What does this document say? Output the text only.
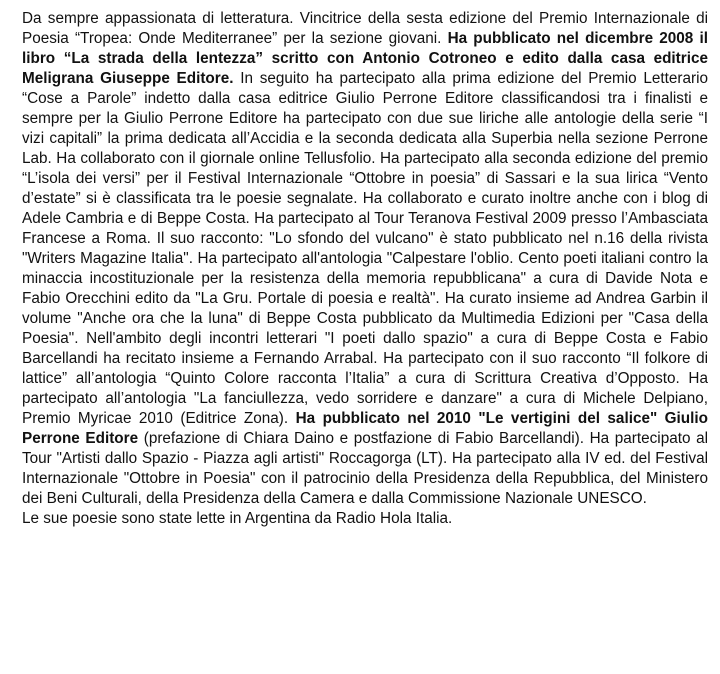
Da sempre appassionata di letteratura. Vincitrice della sesta edizione del Premio Internazionale di Poesia “Tropea: Onde Mediterranee” per la sezione giovani. Ha pubblicato nel dicembre 2008 il libro “La strada della lentezza” scritto con Antonio Cotroneo e edito dalla casa editrice Meligrana Giuseppe Editore. In seguito ha partecipato alla prima edizione del Premio Letterario “Cose a Parole” indetto dalla casa editrice Giulio Perrone Editore classificandosi tra i finalisti e sempre per la Giulio Perrone Editore ha partecipato con due sue liriche alle antologie della serie “I vizi capitali” la prima dedicata all’Accidia e la seconda dedicata alla Superbia nella sezione Perrone Lab. Ha collaborato con il giornale online Tellusfolio. Ha partecipato alla seconda edizione del premio “L’isola dei versi” per il Festival Internazionale “Ottobre in poesia” di Sassari e la sua lirica “Vento d’estate” si è classificata tra le poesie segnalate. Ha collaborato e curato inoltre anche con i blog di Adele Cambria e di Beppe Costa. Ha partecipato al Tour Teranova Festival 2009 presso l’Ambasciata Francese a Roma. Il suo racconto: "Lo sfondo del vulcano" è stato pubblicato nel n.16 della rivista "Writers Magazine Italia". Ha partecipato all'antologia "Calpestare l'oblio. Cento poeti italiani contro la minaccia incostituzionale per la resistenza della memoria repubblicana" a cura di Davide Nota e Fabio Orecchini edito da "La Gru. Portale di poesia e realtà". Ha curato insieme ad Andrea Garbin il volume "Anche ora che la luna" di Beppe Costa pubblicato da Multimedia Edizioni per "Casa della Poesia". Nell'ambito degli incontri letterari "I poeti dallo spazio" a cura di Beppe Costa e Fabio Barcellandi ha recitato insieme a Fernando Arrabal. Ha partecipato con il suo racconto “Il folkore di lattice” all’antologia “Quinto Colore racconta l’Italia” a cura di Scrittura Creativa d’Opposto. Ha partecipato all’antologia "La fanciullezza, vedo sorridere e danzare" a cura di Michele Delpiano, Premio Myricae 2010 (Editrice Zona). Ha pubblicato nel 2010 "Le vertigini del salice" Giulio Perrone Editore (prefazione di Chiara Daino e postfazione di Fabio Barcellandi). Ha partecipato al Tour "Artisti dallo Spazio - Piazza agli artisti" Roccagorga (LT). Ha partecipato alla IV ed. del Festival Internazionale "Ottobre in Poesia" con il patrocinio della Presidenza della Repubblica, del Ministero dei Beni Culturali, della Presidenza della Camera e dalla Commissione Nazionale UNESCO.

Le sue poesie sono state lette in Argentina da Radio Hola Italia.
